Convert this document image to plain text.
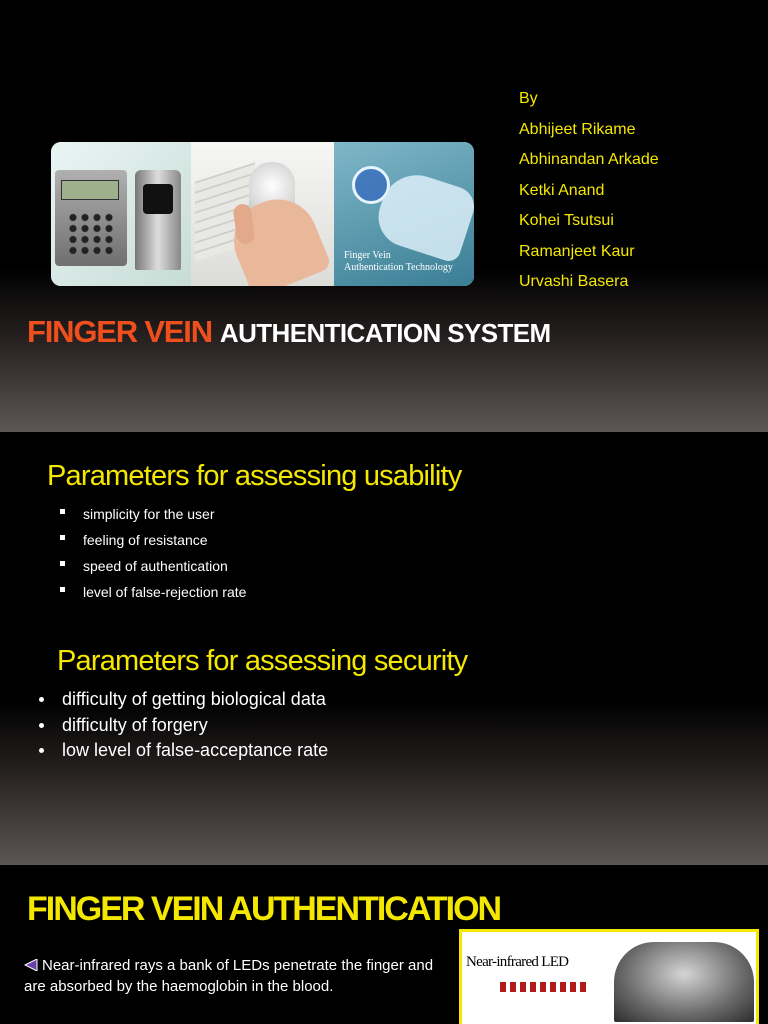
Finger Vein
Authentication Technology
By
Abhijeet Rikame
Abhinandan Arkade
Ketki Anand
Kohei Tsutsui
Ramanjeet Kaur
Urvashi Basera
FINGER VEIN AUTHENTICATION SYSTEM
Parameters for assessing usability
simplicity for the user
feeling of resistance
speed of authentication
level of false-rejection rate
Parameters for assessing security
difficulty of getting biological data
difficulty of forgery
low level of false-acceptance rate
FINGER VEIN AUTHENTICATION
Near-infrared rays a bank of LEDs penetrate the finger and are absorbed by the haemoglobin in the blood.
Near-infrared LED
